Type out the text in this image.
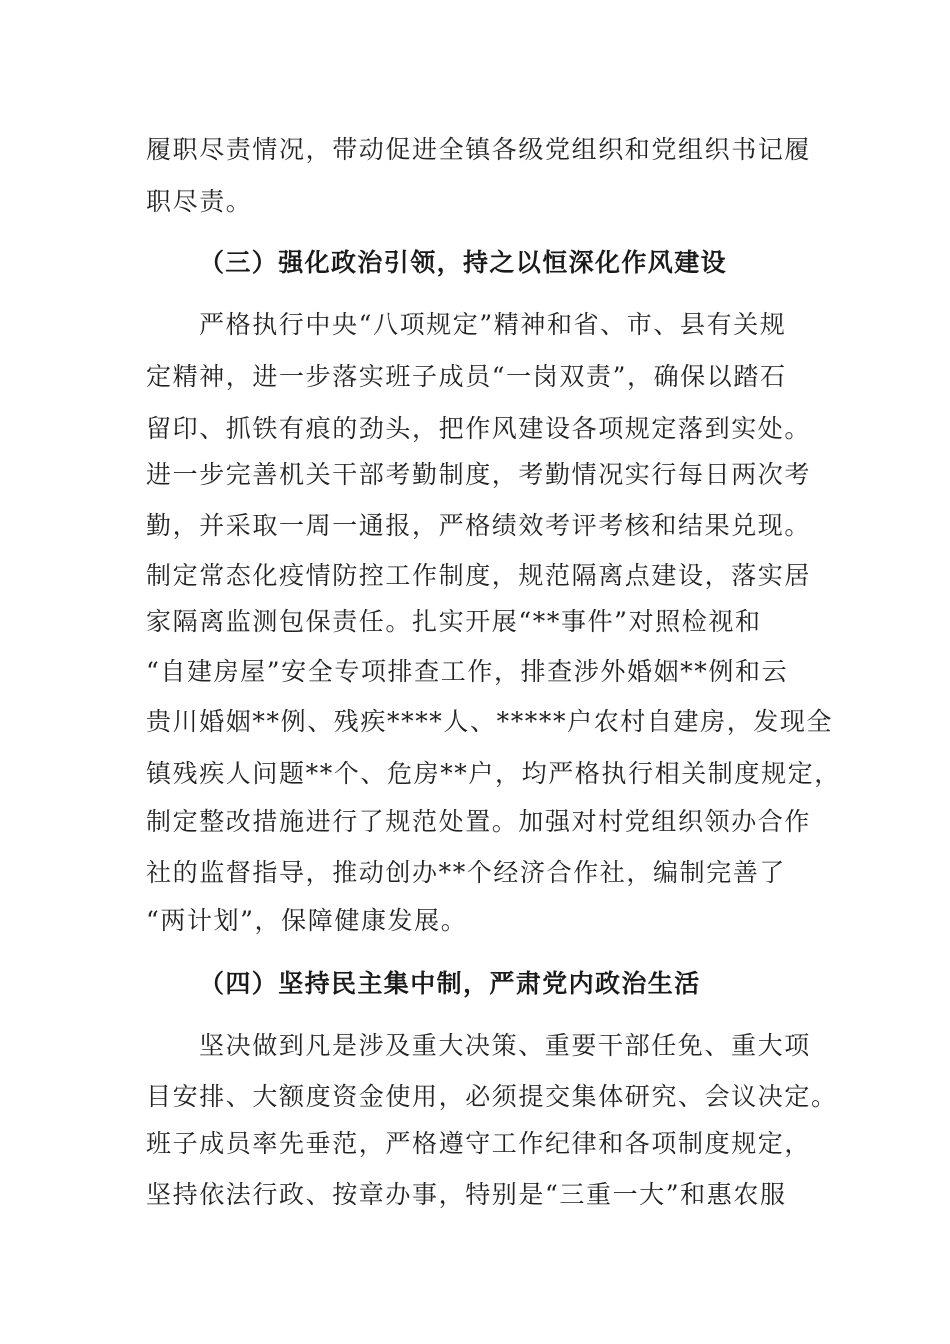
履职尽责情况，带动促进全镇各级党组织和党组织书记履
职尽责。
（三）强化政治引领，持之以恒深化作风建设
严格执行中央“八项规定”精神和省、市、县有关规
定精神，进一步落实班子成员“一岗双责”，确保以踏石
留印、抓铁有痕的劲头，把作风建设各项规定落到实处。
进一步完善机关干部考勤制度，考勤情况实行每日两次考
勤，并采取一周一通报，严格绩效考评考核和结果兑现。
制定常态化疫情防控工作制度，规范隔离点建设，落实居
家隔离监测包保责任。扎实开展“**事件”对照检视和
“自建房屋”安全专项排查工作，排查涉外婚姻**例和云
贵川婚姻**例、残疾****人、*****户农村自建房，发现全
镇残疾人问题**个、危房**户，均严格执行相关制度规定，
制定整改措施进行了规范处置。加强对村党组织领办合作
社的监督指导，推动创办**个经济合作社，编制完善了
“两计划”，保障健康发展。
（四）坚持民主集中制，严肃党内政治生活
坚决做到凡是涉及重大决策、重要干部任免、重大项
目安排、大额度资金使用，必须提交集体研究、会议决定。
班子成员率先垂范，严格遵守工作纪律和各项制度规定，
坚持依法行政、按章办事，特别是“三重一大”和惠农服
